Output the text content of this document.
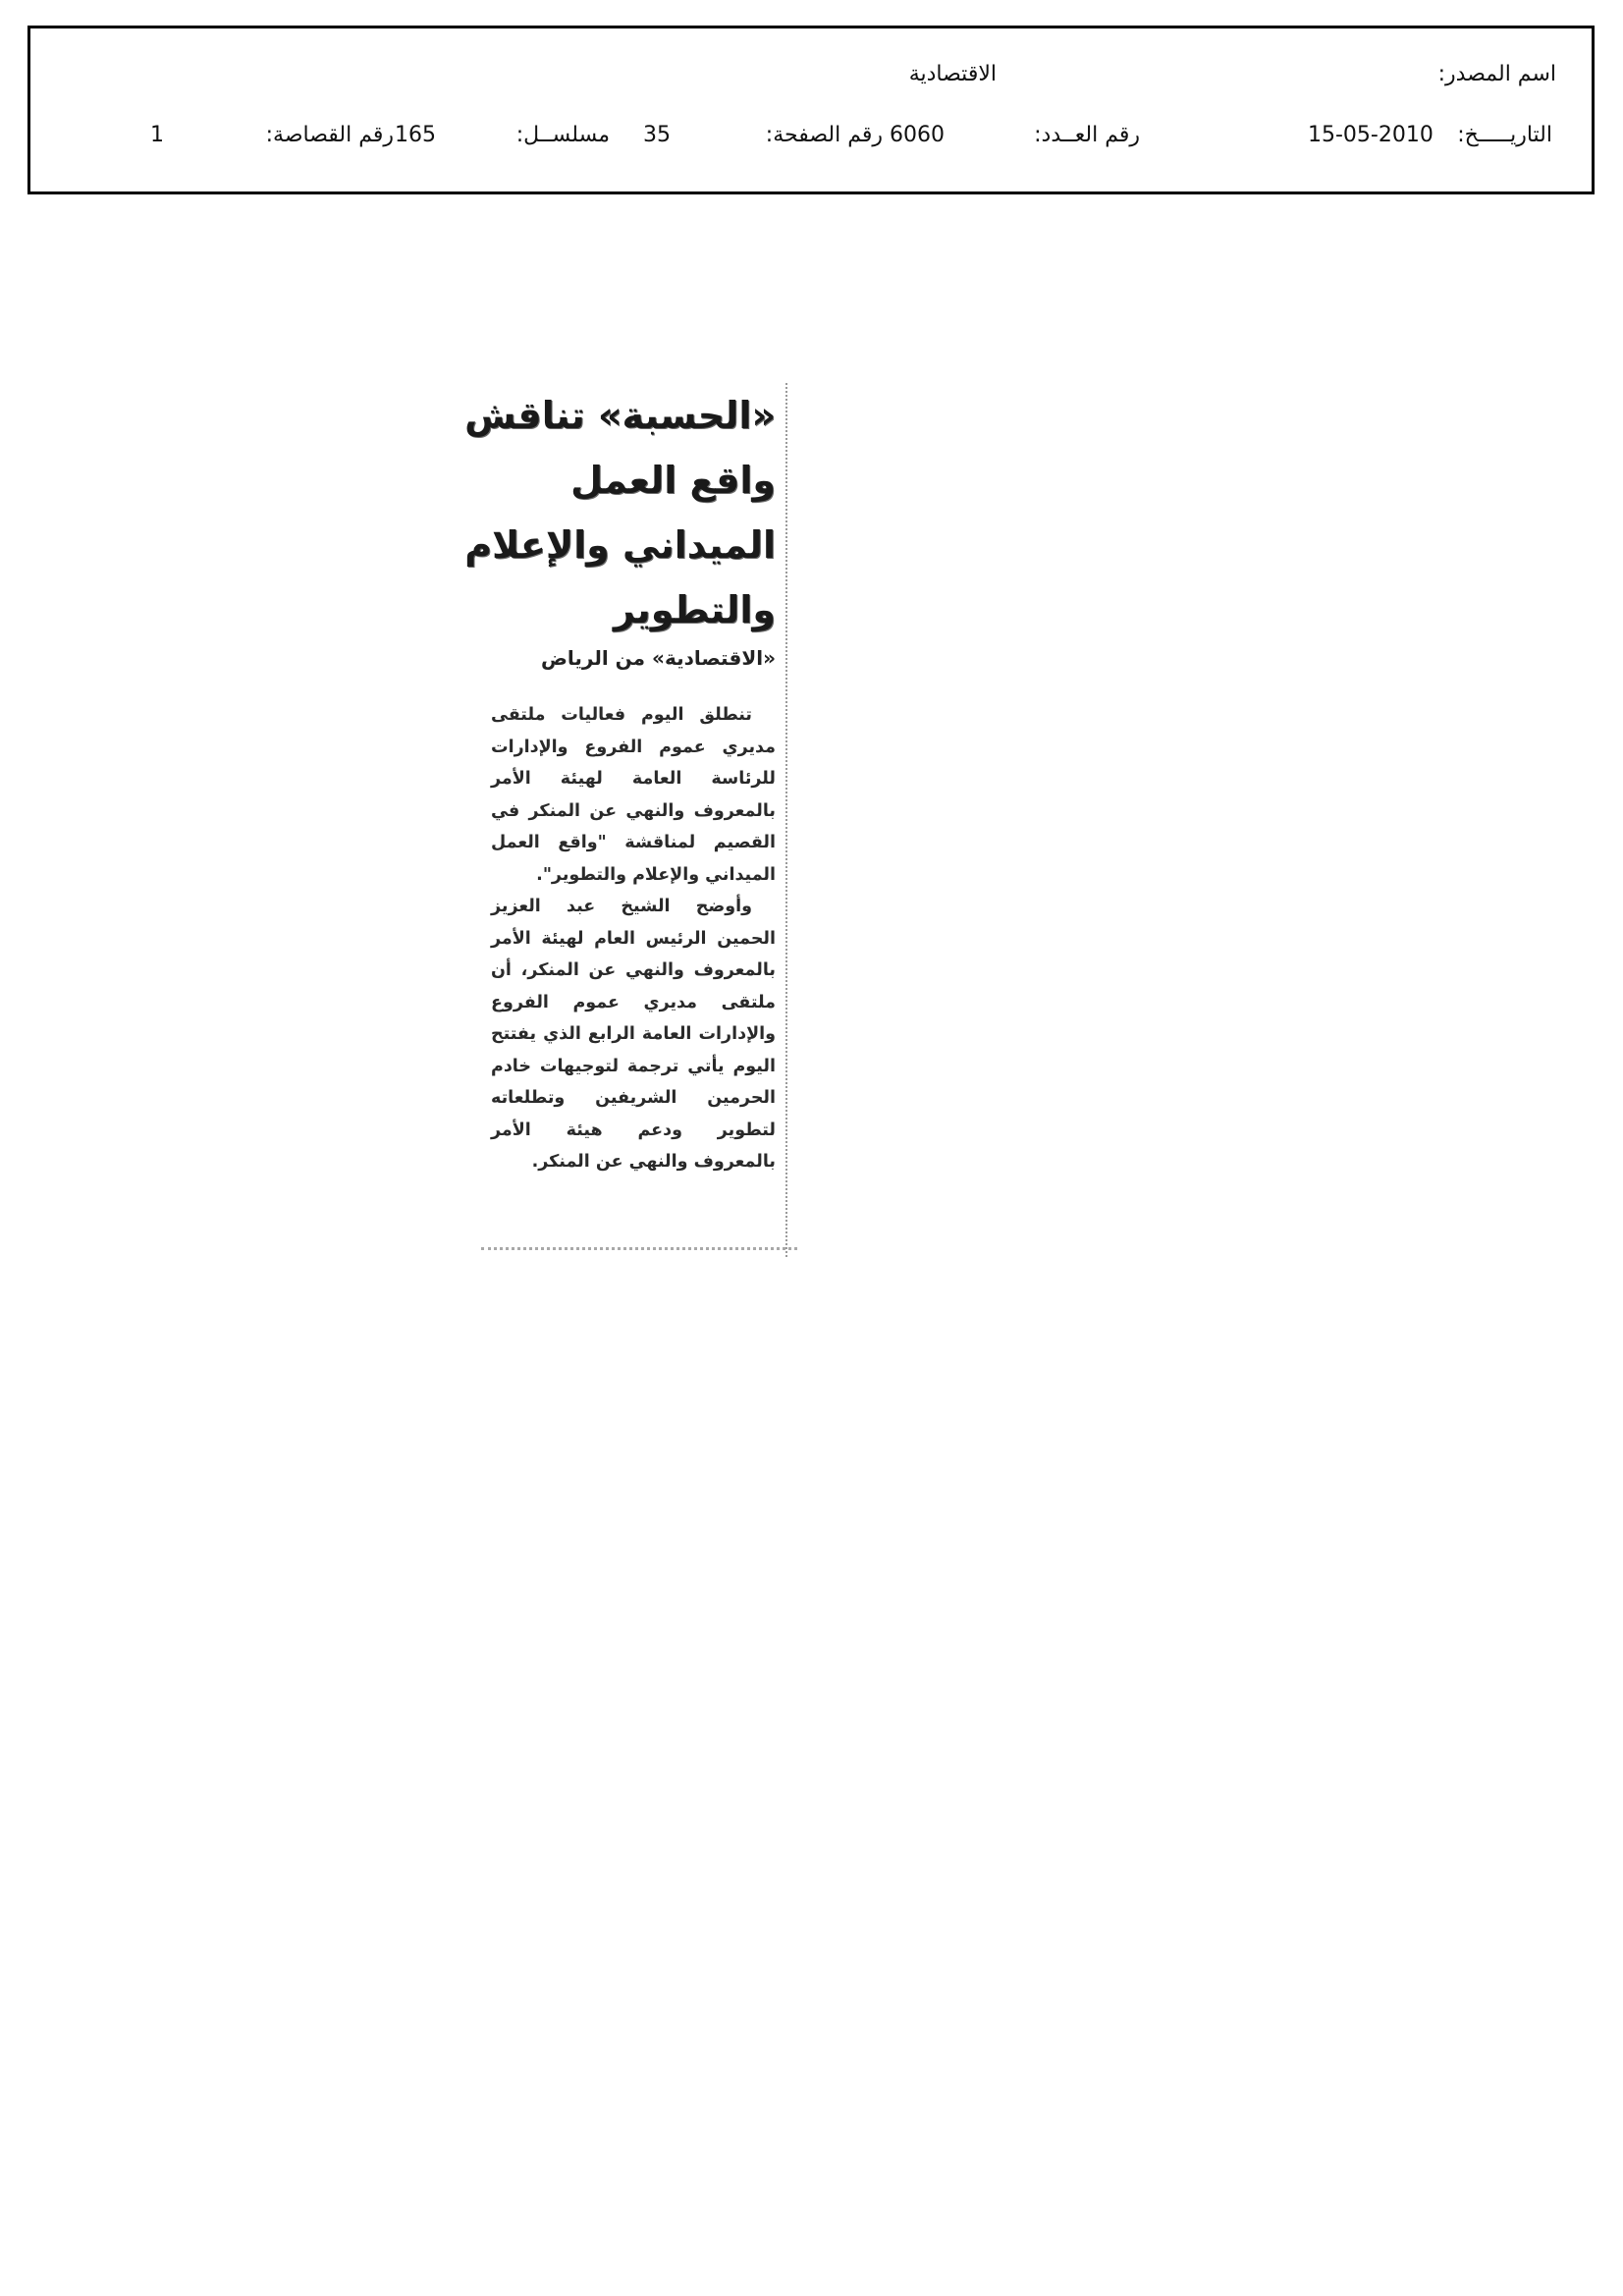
اسم المصدر:
الاقتصادية
التاريـــــخ:
15-05-2010
رقم العــدد:
6060
رقم الصفحة:
35
مسلســل:
165
رقم القصاصة:
1
«الحسبة» تناقش
واقع العمل
الميداني والإعلام
والتطوير
«الاقتصادية» من الرياض

تنطلق اليوم فعاليات ملتقى مديري عموم الفروع والإدارات للرئاسة العامة لهيئة الأمر بالمعروف والنهي عن المنكر في القصيم لمناقشة "واقع العمل الميداني والإعلام والتطوير".

وأوضح الشيخ عبد العزيز الحمين الرئيس العام لهيئة الأمر بالمعروف والنهي عن المنكر، أن ملتقى مديري عموم الفروع والإدارات العامة الرابع الذي يفتتح اليوم يأتي ترجمة لتوجيهات خادم الحرمين الشريفين وتطلعاته لتطوير ودعم هيئة الأمر بالمعروف والنهي عن المنكر.
